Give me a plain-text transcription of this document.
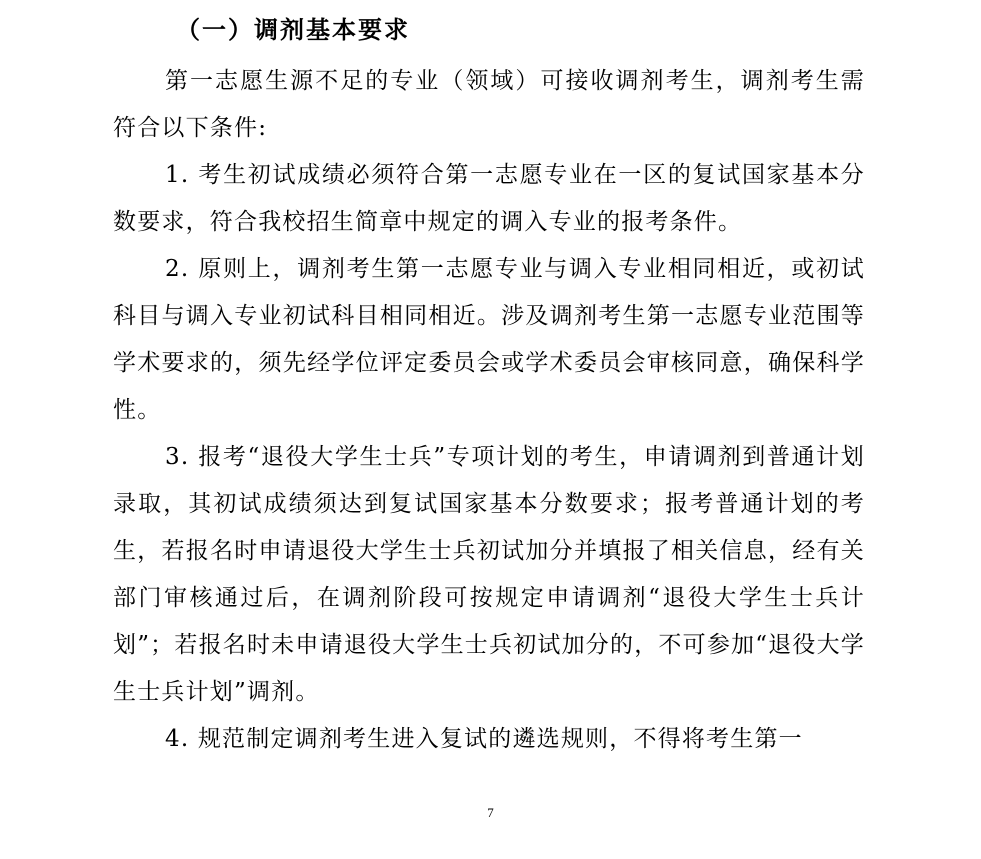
（一）调剂基本要求

第一志愿生源不足的专业（领域）可接收调剂考生，调剂考生需符合以下条件:

1. 考生初试成绩必须符合第一志愿专业在一区的复试国家基本分数要求，符合我校招生简章中规定的调入专业的报考条件。

2. 原则上，调剂考生第一志愿专业与调入专业相同相近，或初试科目与调入专业初试科目相同相近。涉及调剂考生第一志愿专业范围等学术要求的，须先经学位评定委员会或学术委员会审核同意，确保科学性。

3. 报考“退役大学生士兵”专项计划的考生，申请调剂到普通计划录取，其初试成绩须达到复试国家基本分数要求；报考普通计划的考生，若报名时申请退役大学生士兵初试加分并填报了相关信息，经有关部门审核通过后，在调剂阶段可按规定申请调剂“退役大学生士兵计划”；若报名时未申请退役大学生士兵初试加分的，不可参加“退役大学生士兵计划”调剂。

4. 规范制定调剂考生进入复试的遴选规则，不得将考生第一

7
